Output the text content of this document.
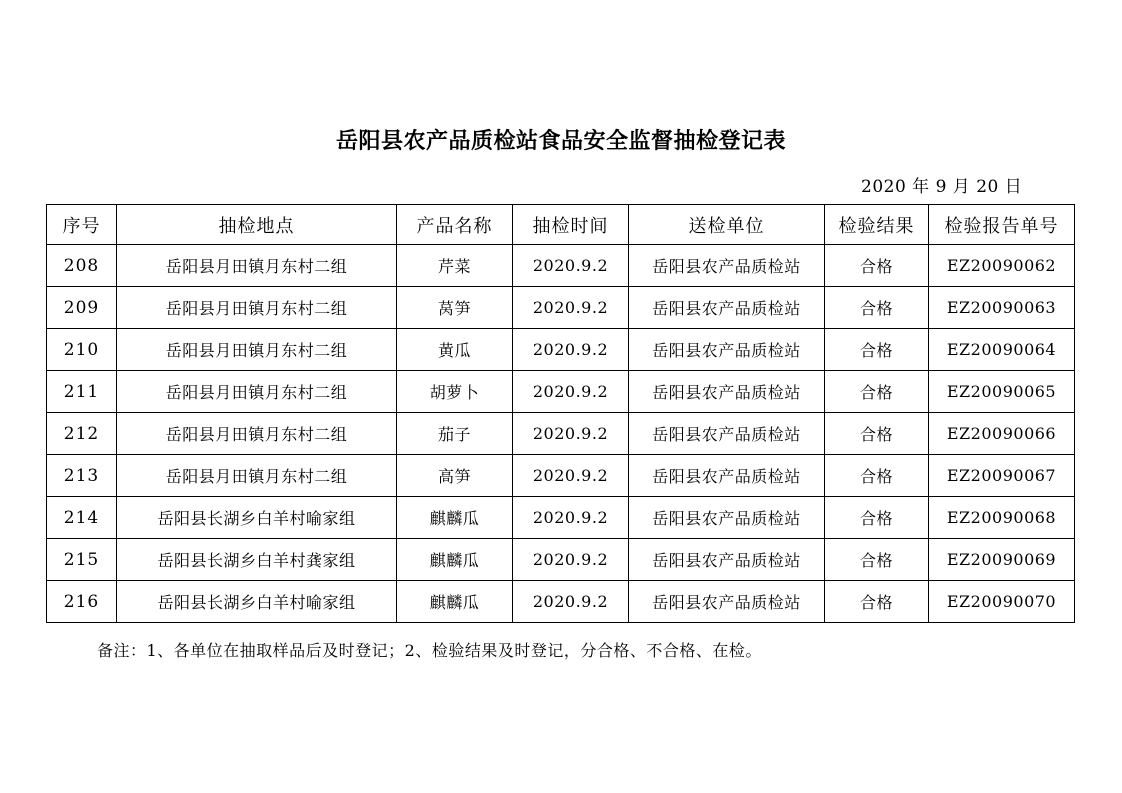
岳阳县农产品质检站食品安全监督抽检登记表
2020 年 9 月 20 日
序号	抽检地点	产品名称	抽检时间	送检单位	检验结果	检验报告单号
208	岳阳县月田镇月东村二组	芹菜	2020.9.2	岳阳县农产品质检站	合格	EZ20090062
209	岳阳县月田镇月东村二组	莴笋	2020.9.2	岳阳县农产品质检站	合格	EZ20090063
210	岳阳县月田镇月东村二组	黄瓜	2020.9.2	岳阳县农产品质检站	合格	EZ20090064
211	岳阳县月田镇月东村二组	胡萝卜	2020.9.2	岳阳县农产品质检站	合格	EZ20090065
212	岳阳县月田镇月东村二组	茄子	2020.9.2	岳阳县农产品质检站	合格	EZ20090066
213	岳阳县月田镇月东村二组	高笋	2020.9.2	岳阳县农产品质检站	合格	EZ20090067
214	岳阳县长湖乡白羊村喻家组	麒麟瓜	2020.9.2	岳阳县农产品质检站	合格	EZ20090068
215	岳阳县长湖乡白羊村龚家组	麒麟瓜	2020.9.2	岳阳县农产品质检站	合格	EZ20090069
216	岳阳县长湖乡白羊村喻家组	麒麟瓜	2020.9.2	岳阳县农产品质检站	合格	EZ20090070
备注：1、各单位在抽取样品后及时登记；2、检验结果及时登记，分合格、不合格、在检。
